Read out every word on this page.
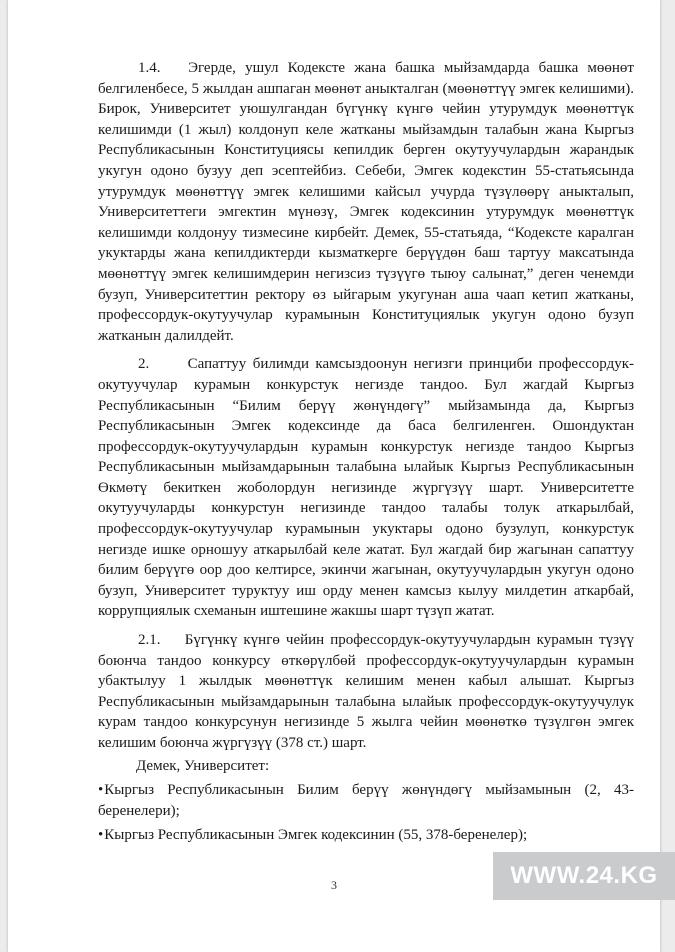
1.4.   Эгерде, ушул Кодексте жана башка мыйзамдарда башка мөөнөт белгиленбесе, 5 жылдан ашпаган мөөнөт аныкталган (мөөнөттүү эмгек келишими). Бирок, Университет уюшулгандан бүгүнкү күнгө чейин утурумдук мөөнөттүк келишимди (1 жыл) колдонуп келе жатканы мыйзамдын талабын жана Кыргыз Республикасынын Конституциясы кепилдик берген окутуучулардын жарандык укугун одоно бузуу деп эсептейбиз. Себеби, Эмгек кодекстин 55-статьясында утурумдук мөөнөттүү эмгек келишими кайсыл учурда түзүлөөрү аныкталып, Университеттеги эмгектин мүнөзү, Эмгек кодексинин утурумдук мөөнөттүк келишимди колдонуу тизмесине кирбейт. Демек, 55-статьяда, “Кодексте каралган укуктарды жана кепилдиктерди кызматкерге берүүдөн баш тартуу максатында мөөнөттүү эмгек келишимдерин негизсиз түзүүгө тыюу салынат,” деген ченемди бузуп, Университеттин ректору өз ыйгарым укугунан аша чаап кетип жатканы, профессордук-окутуучулар курамынын Конституциялык укугун одоно бузуп жатканын далилдейт.

2.      Сапаттуу билимди камсыздоонун негизги принциби профессордук-окутуучулар курамын конкурстук негизде тандоо. Бул жагдай Кыргыз Республикасынын “Билим берүү жөнүндөгү” мыйзамында да, Кыргыз Республикасынын Эмгек кодексинде да баса белгиленген. Ошондуктан профессордук-окутуучулардын курамын конкурстук негизде тандоо Кыргыз Республикасынын мыйзамдарынын талабына ылайык Кыргыз Республикасынын Өкмөтү бекиткен жоболордун негизинде жүргүзүү шарт. Университетте окутуучуларды конкурстун негизинде тандоо талабы толук аткарылбай, профессордук-окутуучулар курамынын укуктары одоно бузулуп, конкурстук негизде ишке орношуу аткарылбай келе жатат. Бул жагдай бир жагынан сапаттуу билим берүүгө оор доо келтирсе, экинчи жагынан, окутуучулардын укугун одоно бузуп, Университет туруктуу иш орду менен камсыз кылуу милдетин аткарбай, коррупциялык схеманын иштешине жакшы шарт түзүп жатат.

2.1.    Бүгүнкү күнгө чейин профессордук-окутуучулардын курамын түзүү боюнча тандоо конкурсу өткөрүлбөй профессордук-окутуучулардын курамын убактылуу 1 жылдык мөөнөттүк келишим менен кабыл алышат. Кыргыз Республикасынын мыйзамдарынын талабына ылайык профессордук-окутуучулук курам тандоо конкурсунун негизинде 5 жылга чейин мөөнөткө түзүлгөн эмгек келишим боюнча жүргүзүү (378 ст.) шарт.

Демек, Университет:

•Кыргыз Республикасынын Билим берүү жөнүндөгү мыйзамынын (2, 43-беренелери);

•Кыргыз Республикасынын Эмгек кодексинин (55, 378-беренелер);

3	WWW.24.KG
